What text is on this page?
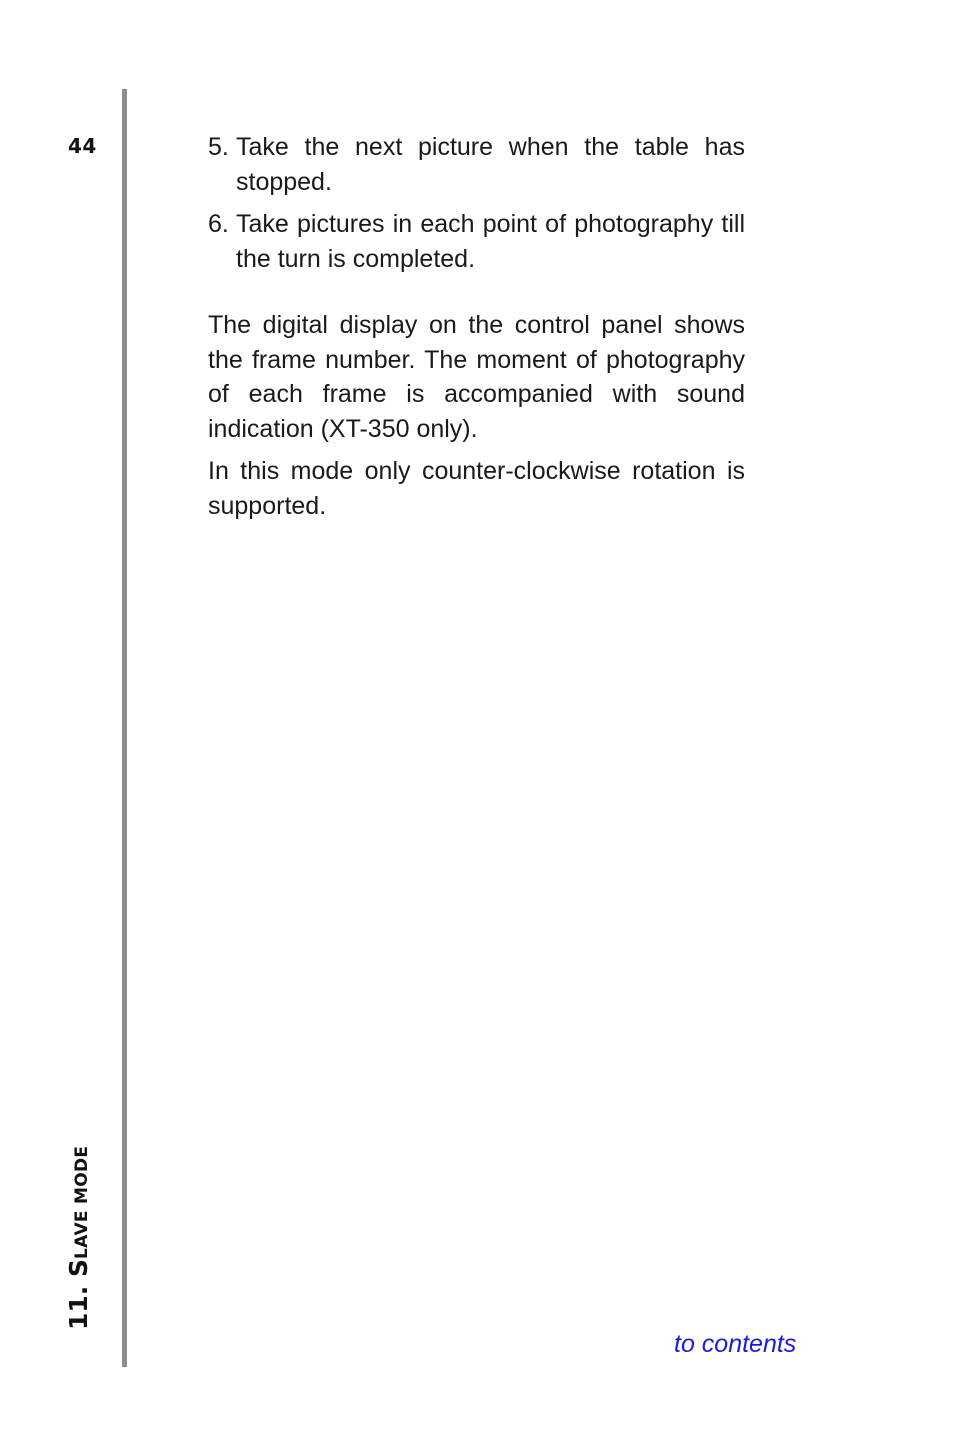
44
11. SLAVE MODE
5. Take the next picture when the table has stopped.
6. Take pictures in each point of photography till the turn is completed.

The digital display on the control panel shows the frame number. The moment of photography of each frame is accompanied with sound indication (XT-350 only).

In this mode only counter-clockwise rotation is supported.

to contents
